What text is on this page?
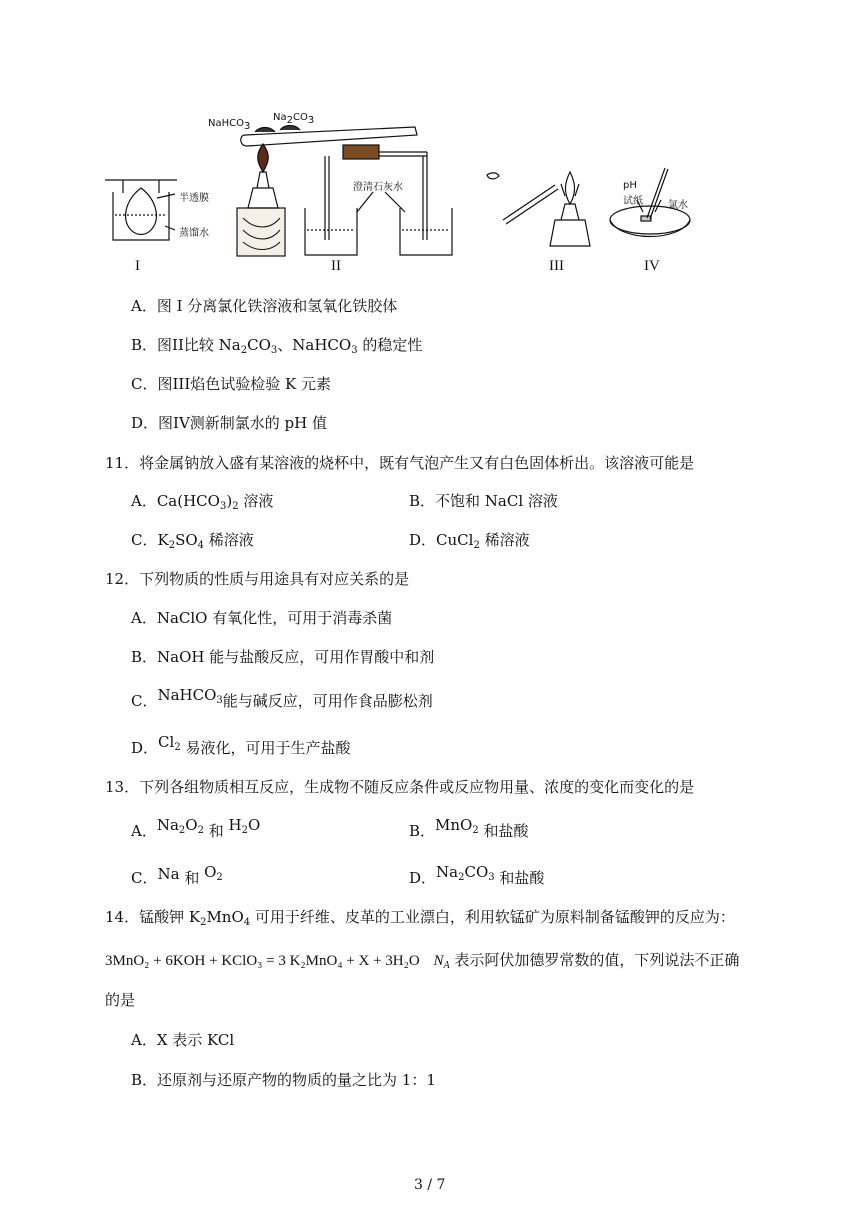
NaHCO3
Na2CO3
半透膜
蒸馏水
澄清石灰水	pH
试纸	氯水
I	II	III	IV
A．图 I 分离氯化铁溶液和氢氧化铁胶体
B．图II比较 $Na_2CO_3$、NaHCO$_3$ 的稳定性
C．图III焰色试验检验 K 元素
D．图IV测新制氯水的 pH 值
11．将金属钠放入盛有某溶液的烧杯中，既有气泡产生又有白色固体析出。该溶液可能是
A．$Ca(HCO_3)_2$ 溶液	B．不饱和 NaCl 溶液
C．$K_2SO_4$ 稀溶液	D．CuCl$_2$ 稀溶液
12．下列物质的性质与用途具有对应关系的是
A．NaClO 有氧化性，可用于消毒杀菌
B．NaOH 能与盐酸反应，可用作胃酸中和剂
C．NaHCO$_3$能与碱反应，可用作食品膨松剂
D．$Cl_2$ 易液化，可用于生产盐酸
13．下列各组物质相互反应，生成物不随反应条件或反应物用量、浓度的变化而变化的是
A．$Na_2O_2$ 和 $H_2O$	B．MnO$_2$ 和盐酸
C．Na 和 $O_2$	D．$Na_2CO_3$ 和盐酸
14．锰酸钾 $K_2MnO_4$ 可用于纤维、皮革的工业漂白，利用软锰矿为原料制备锰酸钾的反应为：
3MnO₂ + 6KOH + KClO₃ = 3 K₂MnO₄ + X + 3H₂O $N_A$ 表示阿伏加德罗常数的值，下列说法不正确
的是
A．X 表示 KCl
B．还原剂与还原产物的物质的量之比为 1：1
3 / 7
